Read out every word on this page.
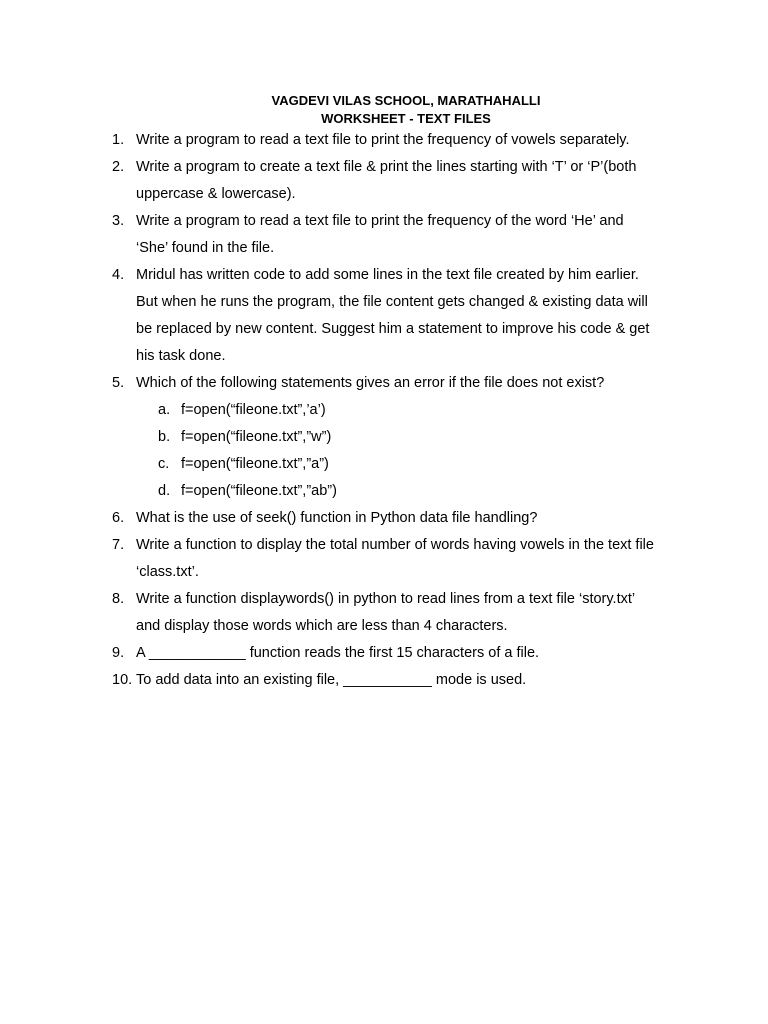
VAGDEVI VILAS SCHOOL, MARATHAHALLI
WORKSHEET - TEXT FILES
1. Write a program to read a text file to print the frequency of vowels separately.
2. Write a program to create a text file & print the lines starting with ‘T’ or ‘P’(both
uppercase & lowercase).
3. Write a program to read a text file to print the frequency of the word ‘He’ and
‘She’ found in the file.
4. Mridul has written code to add some lines in the text file created by him earlier.
But when he runs the program, the file content gets changed & existing data will
be replaced by new content. Suggest him a statement to improve his code & get
his task done.
5. Which of the following statements gives an error if the file does not exist?
a. f=open(“fileone.txt”,’a’)
b. f=open(“fileone.txt”,”w”)
c. f=open(“fileone.txt”,”a”)
d. f=open(“fileone.txt”,”ab”)
6. What is the use of seek() function in Python data file handling?
7. Write a function to display the total number of words having vowels in the text file
‘class.txt’.
8. Write a function displaywords() in python to read lines from a text file ‘story.txt’
and display those words which are less than 4 characters.
9. A ____________ function reads the first 15 characters of a file.
10. To add data into an existing file, ___________ mode is used.
